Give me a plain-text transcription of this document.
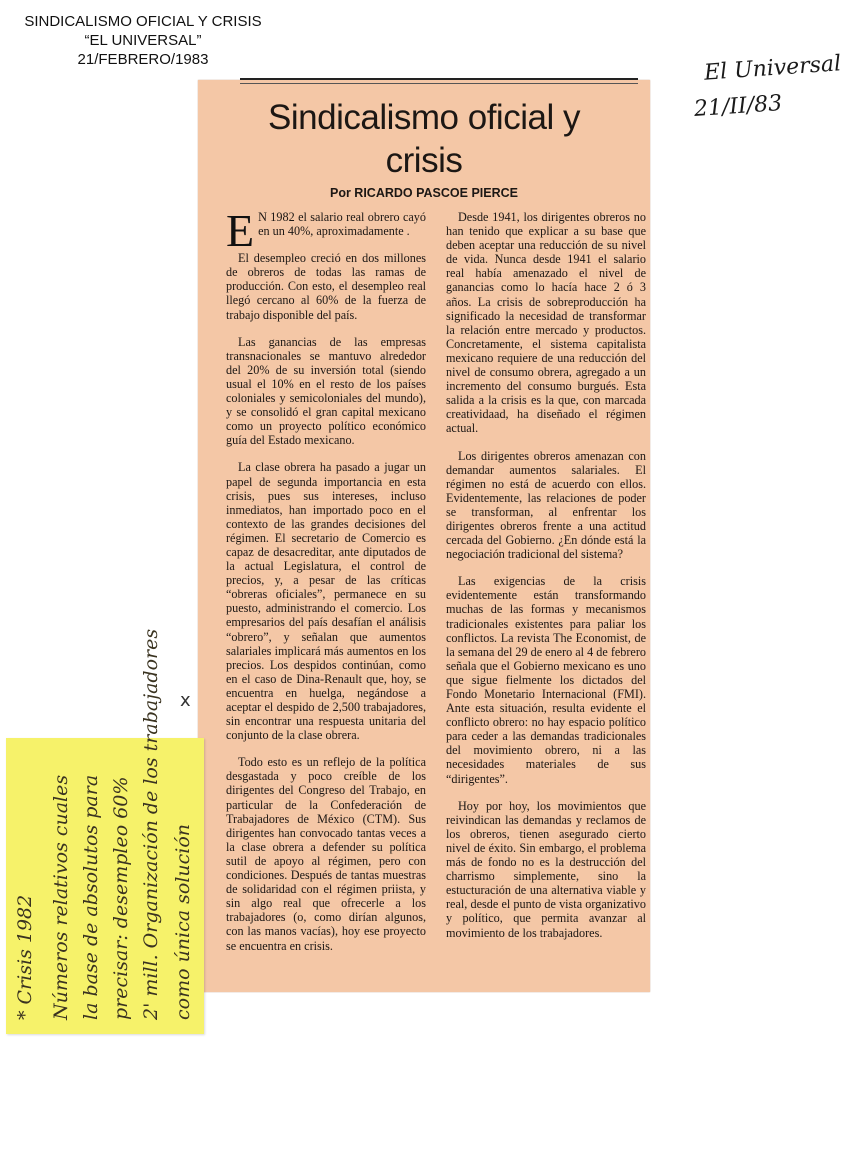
SINDICALISMO OFICIAL Y CRISIS
“EL UNIVERSAL”
21/FEBRERO/1983	El Universal
21/II/83
Sindicalismo oficial y
crisis
Por RICARDO PASCOE PIERCE

E N 1982 el salario real obrero cayó en un 40%, aproximadamente .

El desempleo creció en dos millones de obreros de todas las ramas de producción. Con esto, el desempleo real llegó cercano al 60% de la fuerza de trabajo disponible del país.

Las ganancias de las empresas transnacionales se mantuvo alrededor del 20% de su inversión total (siendo usual el 10% en el resto de los países coloniales y semicoloniales del mundo), y se consolidó el gran capital mexicano como un proyecto político económico guía del Estado mexicano.

La clase obrera ha pasado a jugar un papel de segunda importancia en esta crisis, pues sus intereses, incluso inmediatos, han importado poco en el contexto de las grandes decisiones del régimen. El secretario de Comercio es capaz de desacreditar, ante diputados de la actual Legislatura, el control de precios, y, a pesar de las críticas “obreras oficiales”, permanece en su puesto, administrando el comercio. Los empresarios del país desafían el análisis “obrero”, y señalan que aumentos salariales implicará más aumentos en los precios. Los despidos continúan, como en el caso de Dina-Renault que, hoy, se encuentra en huelga, negándose a aceptar el despido de 2,500 trabajadores, sin encontrar una respuesta unitaria del conjunto de la clase obrera.

Todo esto es un reflejo de la política desgastada y poco creíble de los dirigentes del Congreso del Trabajo, en particular de la Confederación de Trabajadores de México (CTM). Sus dirigentes han convocado tantas veces a la clase obrera a defender su política sutil de apoyo al régimen, pero con condiciones. Después de tantas muestras de solidaridad con el régimen priista, y sin algo real que ofrecerle a los trabajadores (o, como dirían algunos, con las manos vacías), hoy ese proyecto se encuentra en crisis.

Desde 1941, los dirigentes obreros no han tenido que explicar a su base que deben aceptar una reducción de su nivel de vida. Nunca desde 1941 el salario real había amenazado el nivel de ganancias como lo hacía hace 2 ó 3 años. La crisis de sobreproducción ha significado la necesidad de transformar la relación entre mercado y productos. Concretamente, el sistema capitalista mexicano requiere de una reducción del nivel de consumo obrera, agregado a un incremento del consumo burgués. Esta salida a la crisis es la que, con marcada creatividaad, ha diseñado el régimen actual.

Los dirigentes obreros amenazan con demandar aumentos salariales. El régimen no está de acuerdo con ellos. Evidentemente, las relaciones de poder se transforman, al enfrentar los dirigentes obreros frente a una actitud cercada del Gobierno. ¿En dónde está la negociación tradicional del sistema?

Las exigencias de la crisis evidentemente están transformando muchas de las formas y mecanismos tradicionales existentes para paliar los conflictos. La revista The Economist, de la semana del 29 de enero al 4 de febrero señala que el Gobierno mexicano es uno que sigue fielmente los dictados del Fondo Monetario Internacional (FMI). Ante esta situación, resulta evidente el conflicto obrero: no hay espacio político para ceder a las demandas tradicionales del movimiento obrero, ni a las necesidades materiales de sus “dirigentes”.

Hoy por hoy, los movimientos que reivindican las demandas y reclamos de los obreros, tienen asegurado cierto nivel de éxito. Sin embargo, el problema más de fondo no es la destrucción del charrismo simplemente, sino la estucturación de una alternativa viable y real, desde el punto de vista organizativo y político, que permita avanzar al movimiento de los trabajadores.

x
* Crisis 1982 Números relativos cuales la base de absolutos para precisar: desempleo 60% 2' mill. Organización de los trabajadores como única solución
